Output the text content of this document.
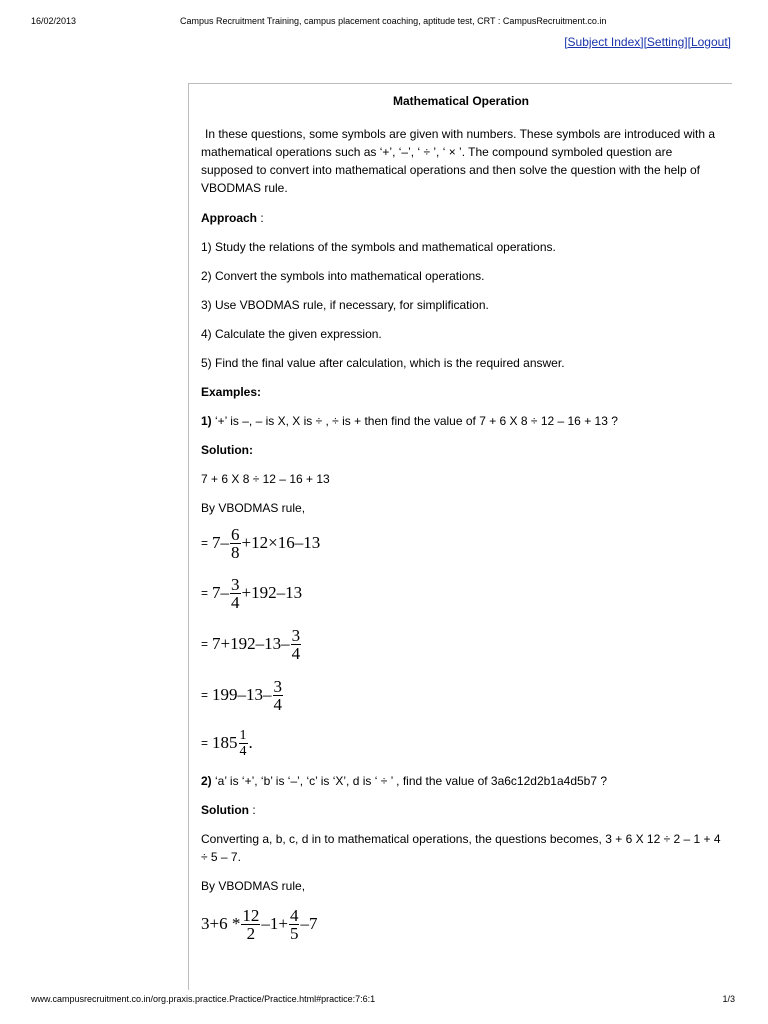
16/02/2013	Campus Recruitment Training, campus placement coaching, aptitude test, CRT : CampusRecruitment.co.in
[Subject Index][Setting][Logout]

Mathematical Operation

In these questions, some symbols are given with numbers. These symbols are introduced with a mathematical operations such as ‘+’, ‘–’, ‘ ÷ ’, ‘ × ’. The compound symboled question are supposed to convert into mathematical operations and then solve the question with the help of VBODMAS rule.

Approach :

1) Study the relations of the symbols and mathematical operations.

2) Convert the symbols into mathematical operations.

3) Use VBODMAS rule, if necessary, for simplification.

4) Calculate the given expression.

5) Find the final value after calculation, which is the required answer.

Examples:

1) ‘+’ is –, – is X, X is ÷ , ÷ is + then find the value of 7 + 6 X 8 ÷ 12 – 16 + 13 ?

Solution:

7 + 6 X 8 ÷ 12 – 16 + 13

By VBODMAS rule,

= $7- \frac{6}{8} +12\times 16-13$
= $7- \frac{3}{4} +192-13$
= $7+192-13- \frac{3}{4}$
= $199-13- \frac{3}{4}$
= $185 \frac{1}{4}$ .

2) ‘a’ is ‘+’, ‘b’ is ‘–’, ‘c’ is ‘X’, d is ‘ ÷ ’ , find the value of 3a6c12d2b1a4d5b7 ?

Solution :

Converting a, b, c, d in to mathematical operations, the questions becomes, 3 + 6 X 12 ÷ 2 – 1 + 4 ÷ 5 – 7.

By VBODMAS rule,

$3+6 * \frac{12}{2} -1+ \frac{4}{5} -7$
www.campusrecruitment.co.in/org.praxis.practice.Practice/Practice.html#practice:7:6:1	1/3
